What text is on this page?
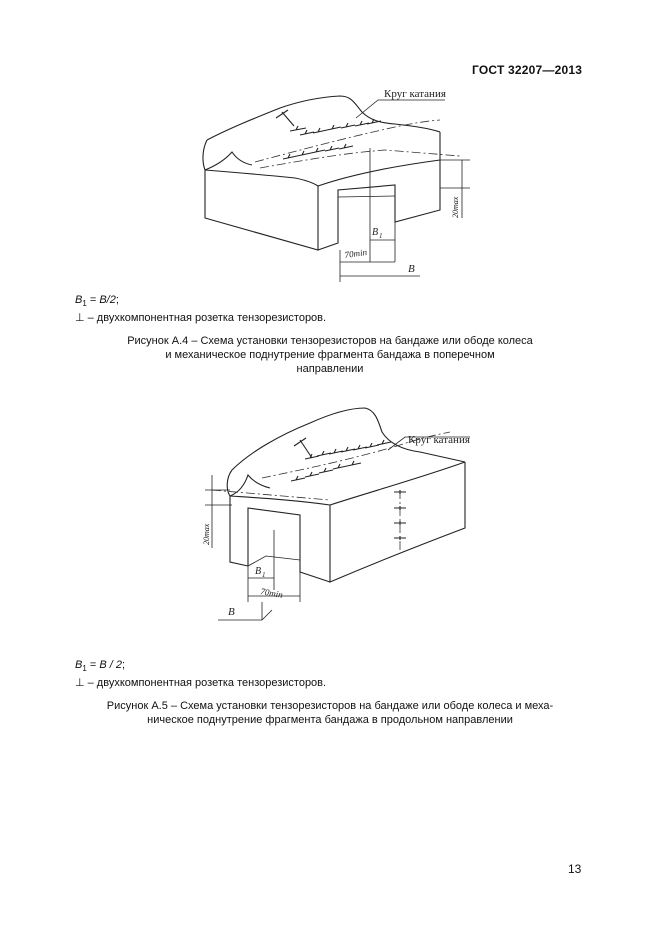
ГОСТ 32207—2013
Круг катания
20max
B 1
70min
B
$B_1 = B/2$;
⊥ – двухкомпонентная розетка тензорезисторов.
Рисунок А.4 – Схема установки тензорезисторов на бандаже или ободе колеса
и механическое поднутрение фрагмента бандажа в поперечном
направлении
Круг катания
20max
B 1
70min
B
$B_1 = B / 2$;
⊥ – двухкомпонентная розетка тензорезисторов.
Рисунок А.5 – Схема установки тензорезисторов на бандаже или ободе колеса и меха-
ническое поднутрение фрагмента бандажа в продольном направлении
13
